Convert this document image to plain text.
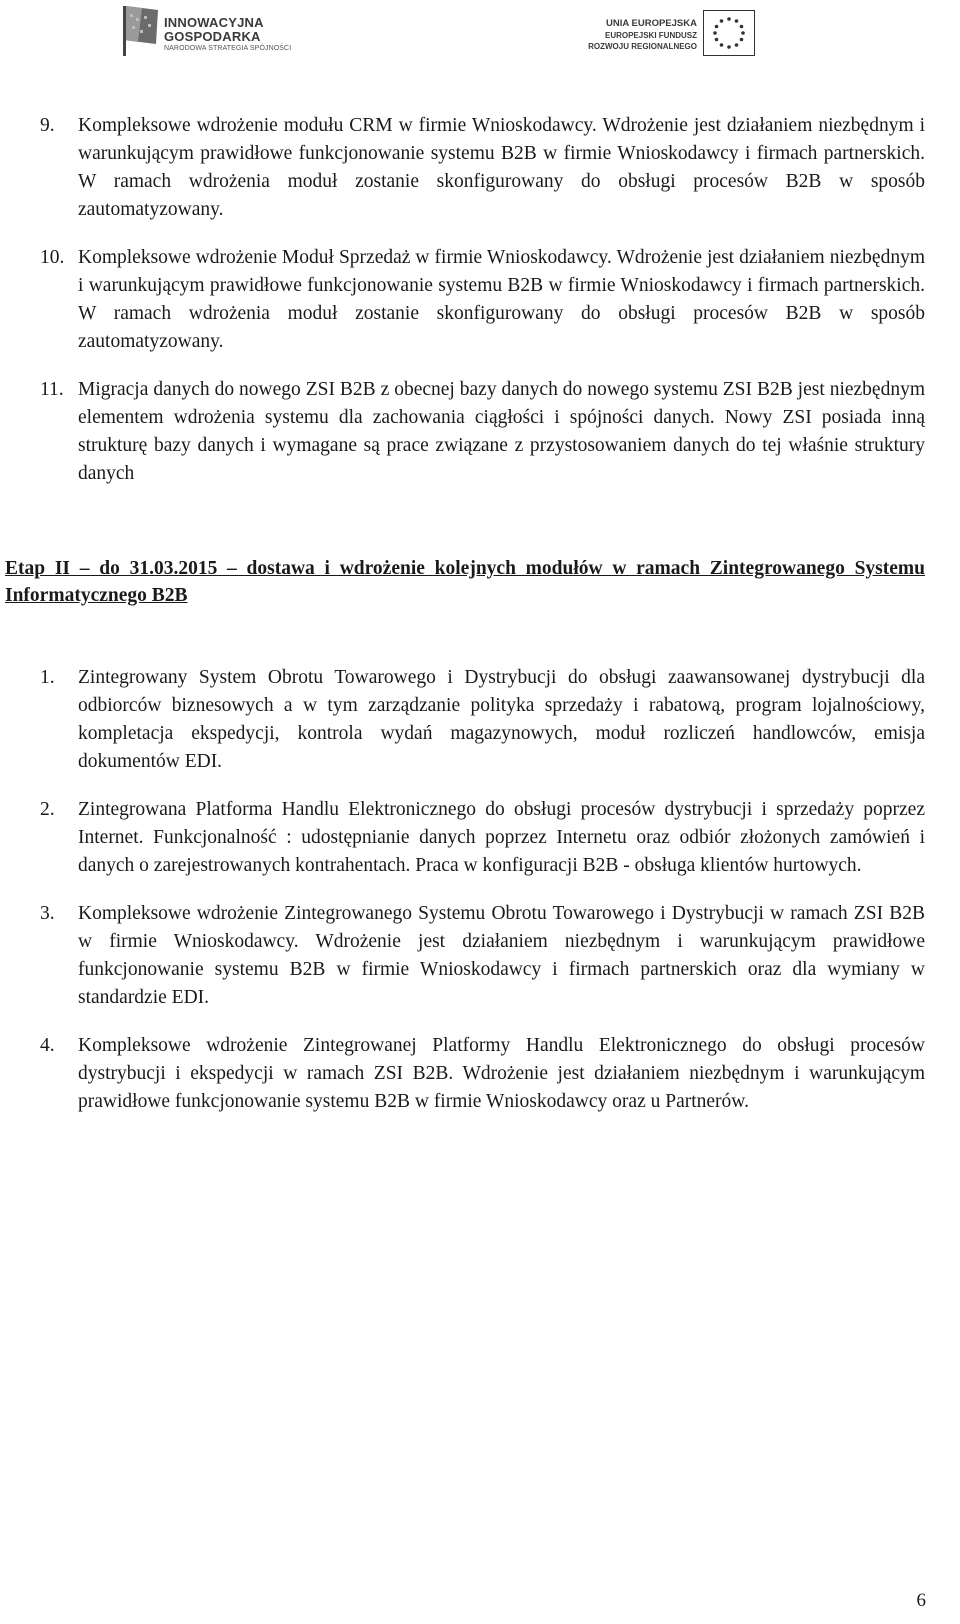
INNOWACYJNA
GOSPODARKA
NARODOWA STRATEGIA SPÓJNOŚCI
UNIA EUROPEJSKA
EUROPEJSKI FUNDUSZ
ROZWOJU REGIONALNEGO
9. Kompleksowe wdrożenie modułu CRM w firmie Wnioskodawcy. Wdrożenie jest działaniem niezbędnym i warunkującym prawidłowe funkcjonowanie systemu B2B w firmie Wnioskodawcy i firmach partnerskich. W ramach wdrożenia moduł zostanie skonfigurowany do obsługi procesów B2B w sposób zautomatyzowany.
10. Kompleksowe wdrożenie Moduł Sprzedaż w firmie Wnioskodawcy. Wdrożenie jest działaniem niezbędnym i warunkującym prawidłowe funkcjonowanie systemu B2B w firmie Wnioskodawcy i firmach partnerskich. W ramach wdrożenia moduł zostanie skonfigurowany do obsługi procesów B2B w sposób zautomatyzowany.
11. Migracja danych do nowego ZSI B2B z obecnej bazy danych do nowego systemu ZSI B2B jest niezbędnym elementem wdrożenia systemu dla zachowania ciągłości i spójności danych. Nowy ZSI posiada inną strukturę bazy danych i wymagane są prace związane z przystosowaniem danych do tej właśnie struktury danych
Etap II – do 31.03.2015 – dostawa i wdrożenie kolejnych modułów w ramach Zintegrowanego Systemu Informatycznego B2B
1. Zintegrowany System Obrotu Towarowego i Dystrybucji do obsługi zaawansowanej dystrybucji dla odbiorców biznesowych a w tym zarządzanie polityka sprzedaży i rabatową, program lojalnościowy, kompletacja ekspedycji, kontrola wydań magazynowych, moduł rozliczeń handlowców, emisja dokumentów EDI.
2. Zintegrowana Platforma Handlu Elektronicznego do obsługi procesów dystrybucji i sprzedaży poprzez Internet. Funkcjonalność : udostępnianie danych poprzez Internetu oraz odbiór złożonych zamówień i danych o zarejestrowanych kontrahentach. Praca w konfiguracji B2B - obsługa klientów hurtowych.
3. Kompleksowe wdrożenie Zintegrowanego Systemu Obrotu Towarowego i Dystrybucji w ramach ZSI B2B w firmie Wnioskodawcy. Wdrożenie jest działaniem niezbędnym i warunkującym prawidłowe funkcjonowanie systemu B2B w firmie Wnioskodawcy i firmach partnerskich oraz dla wymiany w standardzie EDI.
4. Kompleksowe wdrożenie Zintegrowanej Platformy Handlu Elektronicznego do obsługi procesów dystrybucji i ekspedycji w ramach ZSI B2B. Wdrożenie jest działaniem niezbędnym i warunkującym prawidłowe funkcjonowanie systemu B2B w firmie Wnioskodawcy oraz u Partnerów.
6
